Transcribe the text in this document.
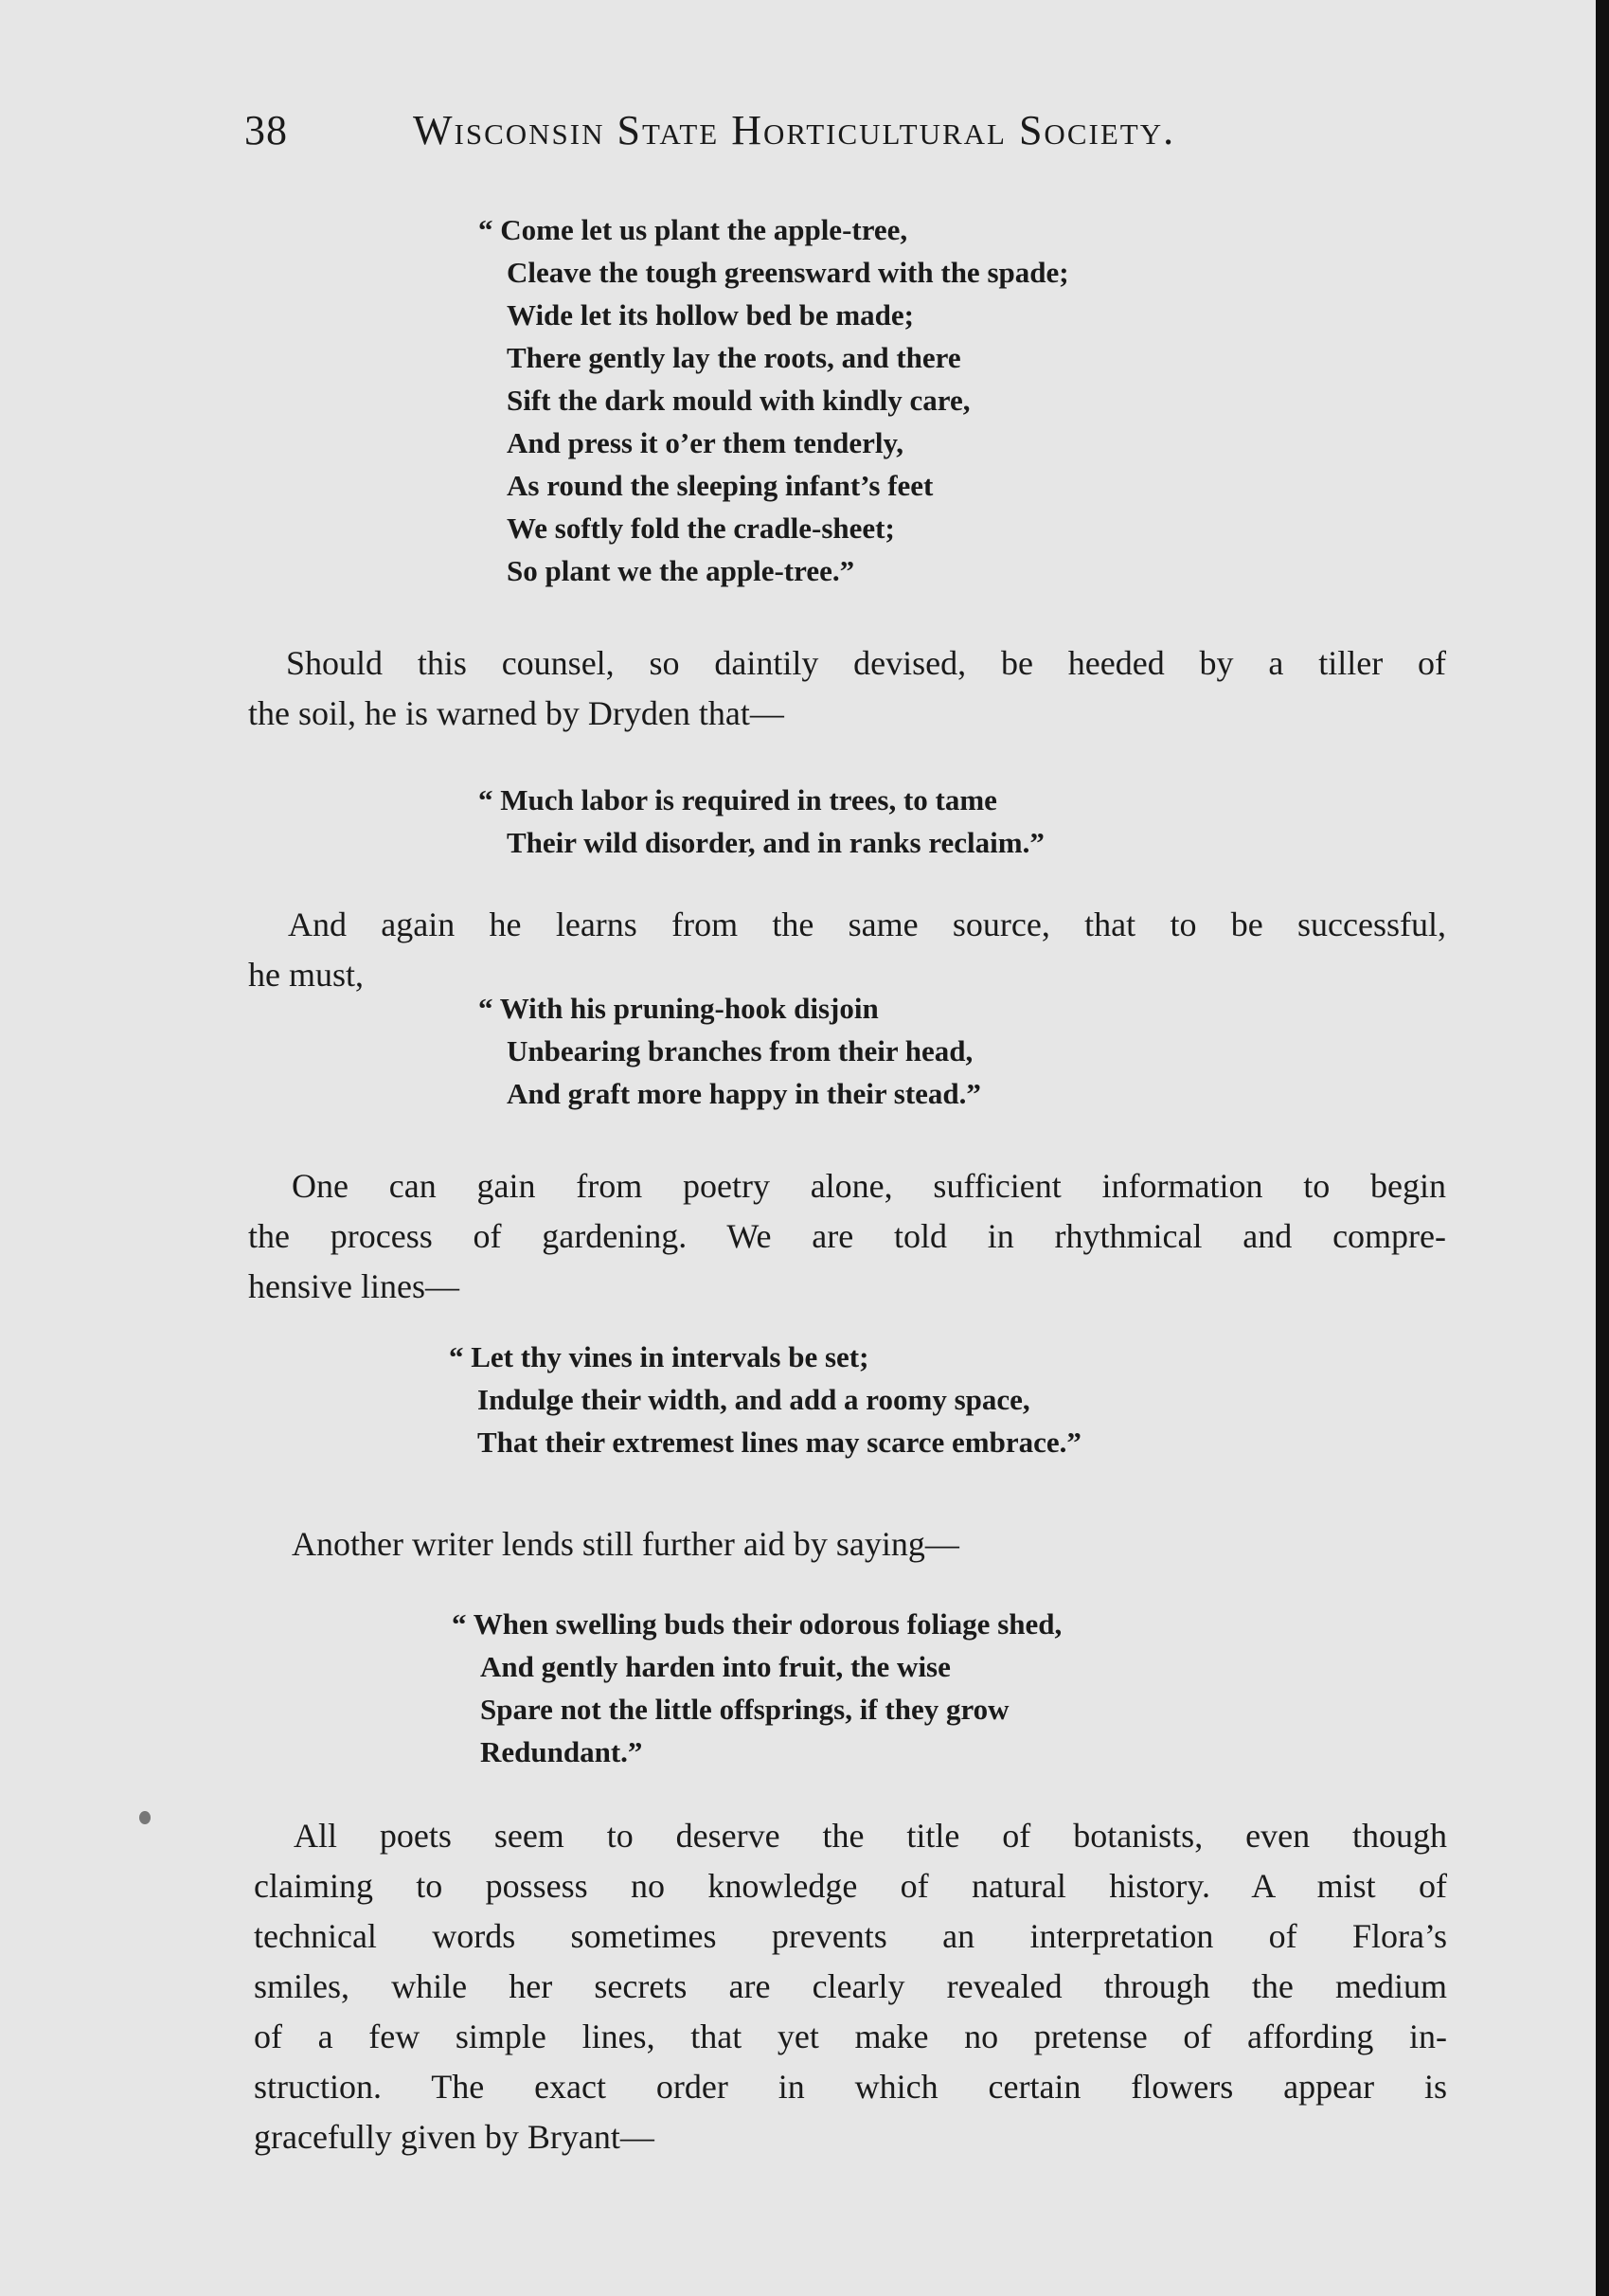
38	Wisconsin State Horticultural Society.
“ Come let us plant the apple-tree,
Cleave the tough greensward with the spade;
Wide let its hollow bed be made;
There gently lay the roots, and there
Sift the dark mould with kindly care,
And press it o’er them tenderly,
As round the sleeping infant’s feet
We softly fold the cradle-sheet;
So plant we the apple-tree.”
Should this counsel, so daintily devised, be heeded by a tiller of
the soil, he is warned by Dryden that—
“ Much labor is required in trees, to tame
Their wild disorder, and in ranks reclaim.”
And again he learns from the same source, that to be successful,
he must,
“ With his pruning-hook disjoin
Unbearing branches from their head,
And graft more happy in their stead.”
One can gain from poetry alone, sufficient information to begin
the process of gardening. We are told in rhythmical and compre-
hensive lines—
“ Let thy vines in intervals be set;
Indulge their width, and add a roomy space,
That their extremest lines may scarce embrace.”
Another writer lends still further aid by saying—
“ When swelling buds their odorous foliage shed,
And gently harden into fruit, the wise
Spare not the little offsprings, if they grow
Redundant.”
All poets seem to deserve the title of botanists, even though
claiming to possess no knowledge of natural history. A mist of
technical words sometimes prevents an interpretation of Flora’s
smiles, while her secrets are clearly revealed through the medium
of a few simple lines, that yet make no pretense of affording in-
struction. The exact order in which certain flowers appear is
gracefully given by Bryant—
